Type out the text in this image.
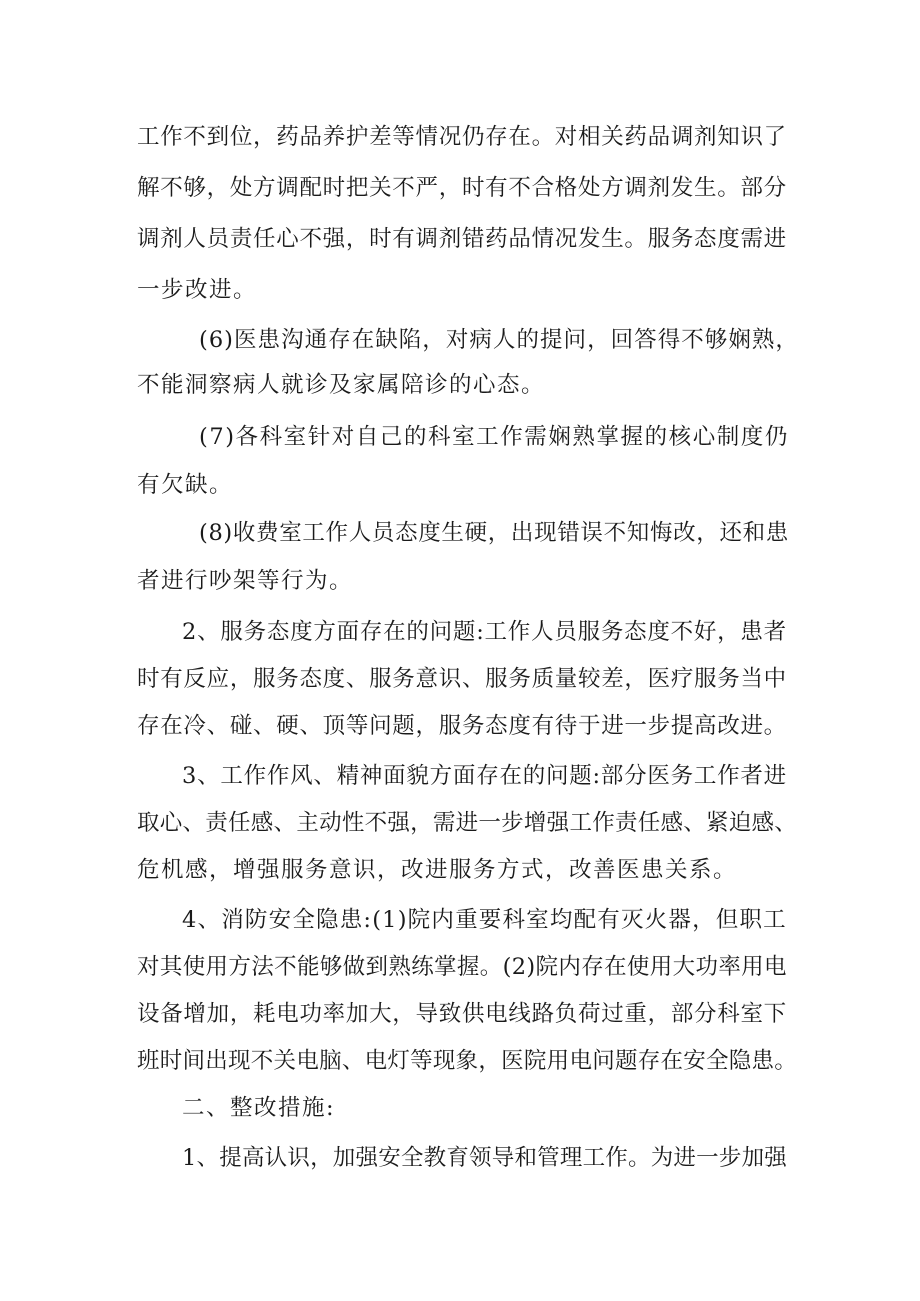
工作不到位，药品养护差等情况仍存在。对相关药品调剂知识了
解不够，处方调配时把关不严，时有不合格处方调剂发生。部分
调剂人员责任心不强，时有调剂错药品情况发生。服务态度需进
一步改进。
(6)医患沟通存在缺陷，对病人的提问，回答得不够娴熟，
不能洞察病人就诊及家属陪诊的心态。
(7)各科室针对自己的科室工作需娴熟掌握的核心制度仍
有欠缺。
(8)收费室工作人员态度生硬，出现错误不知悔改，还和患
者进行吵架等行为。
2、服务态度方面存在的问题:工作人员服务态度不好，患者
时有反应，服务态度、服务意识、服务质量较差，医疗服务当中
存在冷、碰、硬、顶等问题，服务态度有待于进一步提高改进。
3、工作作风、精神面貌方面存在的问题:部分医务工作者进
取心、责任感、主动性不强，需进一步增强工作责任感、紧迫感、
危机感，增强服务意识，改进服务方式，改善医患关系。
4、消防安全隐患:(1)院内重要科室均配有灭火器，但职工
对其使用方法不能够做到熟练掌握。(2)院内存在使用大功率用电
设备增加，耗电功率加大，导致供电线路负荷过重，部分科室下
班时间出现不关电脑、电灯等现象，医院用电问题存在安全隐患。
二、整改措施:
1、提高认识，加强安全教育领导和管理工作。为进一步加强
